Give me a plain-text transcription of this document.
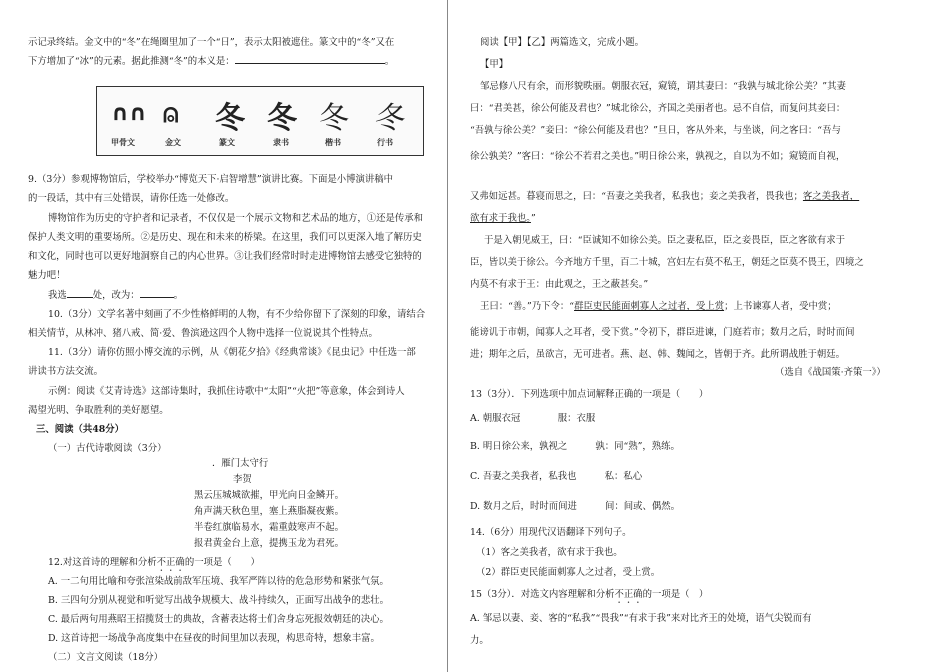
示记录终结。金文中的“冬”在绳圈里加了一个“日”，表示太阳被遮住。篆文中的“冬”又在

下方增加了“冰”的元素。据此推测“冬”的本义是：	。

∩∩ ⍝ 冬 冬 冬 冬
甲骨文	金文	篆文	隶书	楷书	行书

9.（3分）参观博物馆后，学校举办“博览天下·启智增慧”演讲比赛。下面是小博演讲稿中

的一段话，其中有三处错误，请你任选一处修改。

博物馆作为历史的守护者和记录者，不仅仅是一个展示文物和艺术品的地方，①还是传承和

保护人类文明的重要场所。②是历史、现在和未来的桥梁。在这里，我们可以更深入地了解历史

和文化，同时也可以更好地洞察自己的内心世界。③让我们经常时时走进博物馆去感受它独特的

魅力吧！

我选	处，改为：	。

10.（3分）文学名著中刻画了不少性格鲜明的人物，有不少给你留下了深刻的印象，请结合

相关情节，从林冲、猪八戒、简·爱、鲁滨逊这四个人物中选择一位说说其个性特点。

11.（3分）请你仿照小博交流的示例，从《朝花夕拾》《经典常谈》《昆虫记》中任选一部

讲读书方法交流。

示例：阅读《艾青诗选》这部诗集时，我抓住诗歌中“太阳”“火把”等意象，体会到诗人

渴望光明、争取胜利的美好愿望。

三、阅读（共48分）

（一）古代诗歌阅读（3分）

．雁门太守行

李贺

黑云压城城欲摧，甲光向日金鳞开。

角声满天秋色里，塞上燕脂凝夜紫。

半卷红旗临易水，霜重鼓寒声不起。

报君黄金台上意，提携玉龙为君死。

12.对这首诗的理解和分析不正确的一项是（　　）

A. 一二句用比喻和夸张渲染战前敌军压境、我军严阵以待的危急形势和紧张气氛。

B. 三四句分别从视觉和听觉写出战争规模大、战斗持续久，正面写出战争的悲壮。

C. 最后两句用燕昭王招揽贤士的典故，含蓄表达将士们舍身忘死报效朝廷的决心。

D. 这首诗把一场战争高度集中在昼夜的时间里加以表现，构思奇特，想象丰富。

（二）文言文阅读（18分）

阅读【甲】【乙】两篇选文，完成小题。

【甲】

邹忌修八尺有余，而形貌昳丽。朝服衣冠，窥镜，谓其妻曰：“我孰与城北徐公美？”其妻

曰：“君美甚，徐公何能及君也？”城北徐公，齐国之美丽者也。忌不自信，而复问其妾曰：

“吾孰与徐公美？”妾曰：“徐公何能及君也？”旦日，客从外来，与坐谈，问之客曰：“吾与

徐公孰美？”客曰：“徐公不若君之美也。”明日徐公来，孰视之，自以为不如；窥镜而自视，

又弗如远甚。暮寝而思之，曰：“吾妻之美我者，私我也；妾之美我者，畏我也；客之美我者，

欲有求于我也。”

于是入朝见威王，曰：“臣诚知不如徐公美。臣之妻私臣，臣之妾畏臣，臣之客欲有求于

臣，皆以美于徐公。今齐地方千里，百二十城，宫妇左右莫不私王，朝廷之臣莫不畏王，四境之

内莫不有求于王：由此观之，王之蔽甚矣。”

王曰：“善。”乃下令：“群臣吏民能面刺寡人之过者，受上赏；上书谏寡人者，受中赏；

能谤讥于市朝，闻寡人之耳者，受下赏。”令初下，群臣进谏，门庭若市；数月之后，时时而间

进；期年之后，虽欲言，无可进者。燕、赵、韩、魏闻之，皆朝于齐。此所谓战胜于朝廷。

（选自《战国策·齐策一》）

13（3分）．下列选项中加点词解释正确的一项是（　　）

A. 朝服衣冠　　　　服：衣服

B. 明日徐公来，孰视之　　　孰：同“熟”，熟练。

C. 吾妻之美我者，私我也　　　私：私心

D. 数月之后，时时而间进　　　间：间或、偶然。

14.（6分）用现代汉语翻译下列句子。

（1）客之美我者，欲有求于我也。

（2）群臣吏民能面刺寡人之过者，受上赏。

15（3分）．对选文内容理解和分析不正确的一项是（　）

A. 邹忌以妻、妾、客的“私我”“畏我”“有求于我”来对比齐王的处境，语气尖锐而有

力。
